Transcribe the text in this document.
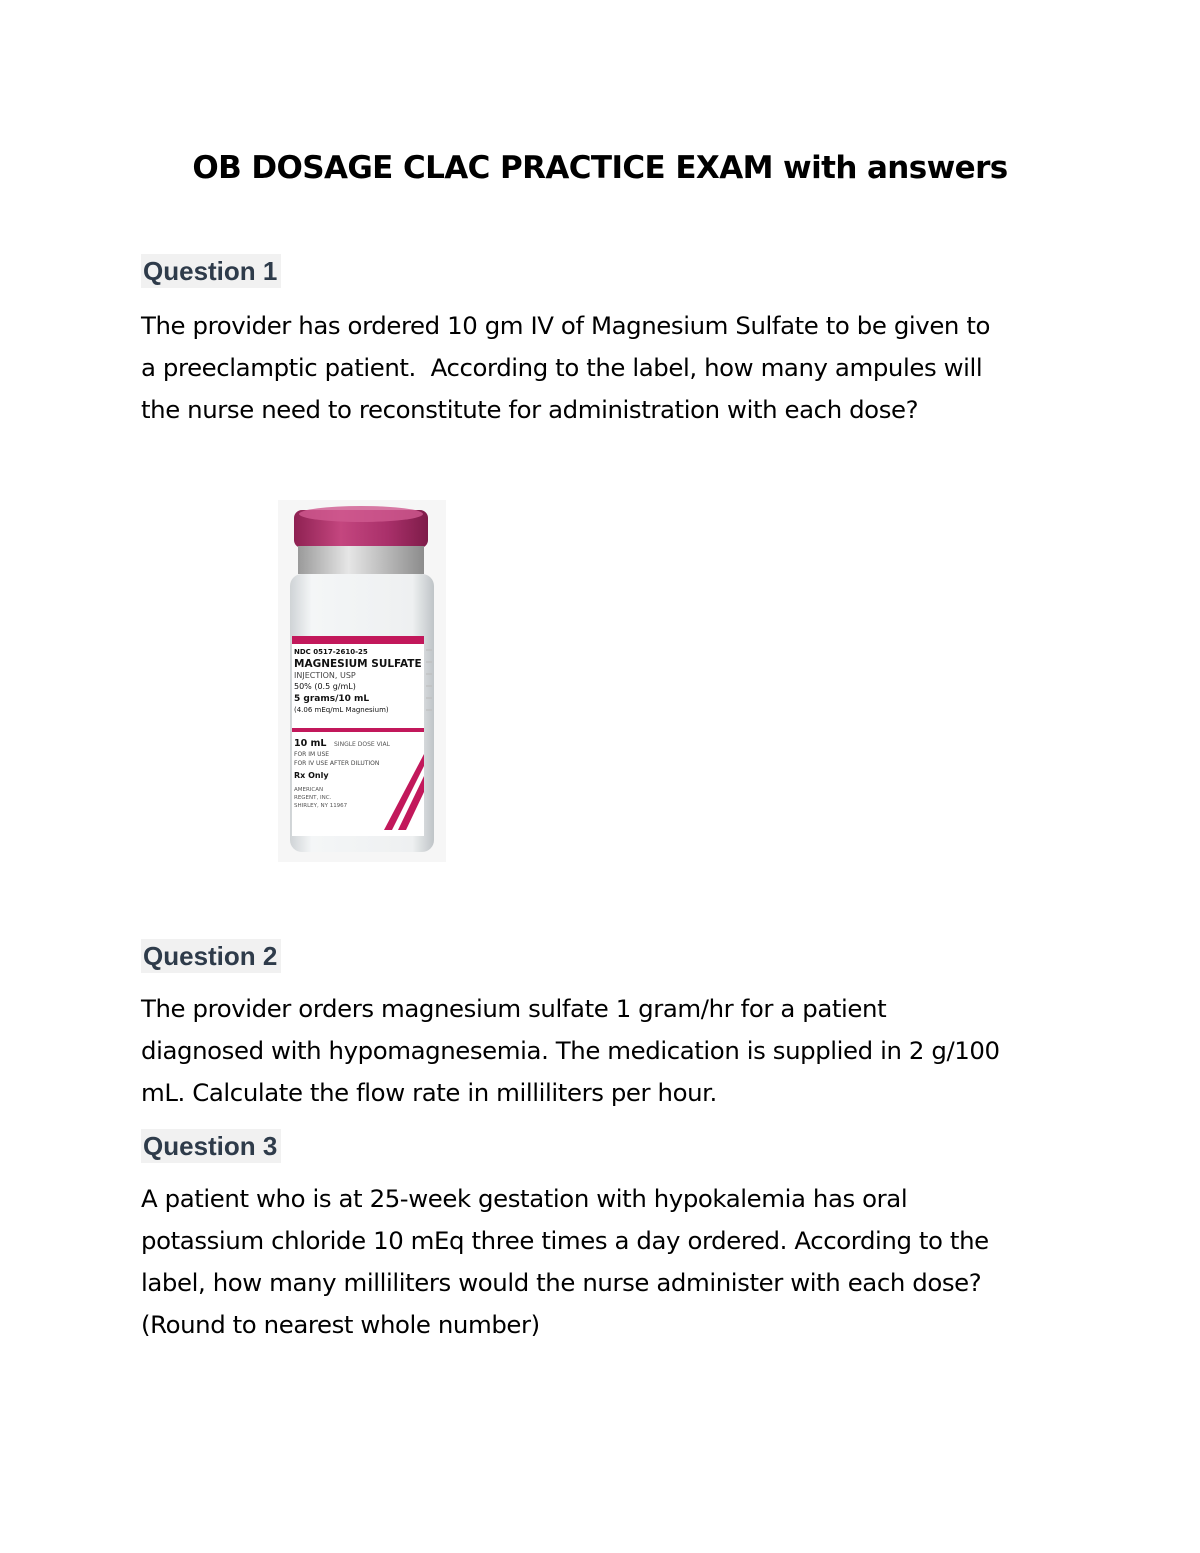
OB DOSAGE CLAC PRACTICE EXAM with answers
Question 1
The provider has ordered 10 gm IV of Magnesium Sulfate to be given to
a preeclamptic patient.  According to the label, how many ampules will
the nurse need to reconstitute for administration with each dose?
NDC 0517-2610-25
MAGNESIUM SULFATE
INJECTION, USP
50% (0.5 g/mL)
5 grams/10 mL
(4.06 mEq/mL Magnesium)
10 mL SINGLE DOSE VIAL
FOR IM USE
FOR IV USE AFTER DILUTION
Rx Only
AMERICAN
REGENT, INC.
SHIRLEY, NY 11967
Question 2
The provider orders magnesium sulfate 1 gram/hr for a patient
diagnosed with hypomagnesemia. The medication is supplied in 2 g/100
mL. Calculate the flow rate in milliliters per hour.
Question 3
A patient who is at 25-week gestation with hypokalemia has oral
potassium chloride 10 mEq three times a day ordered. According to the
label, how many milliliters would the nurse administer with each dose?
(Round to nearest whole number)
